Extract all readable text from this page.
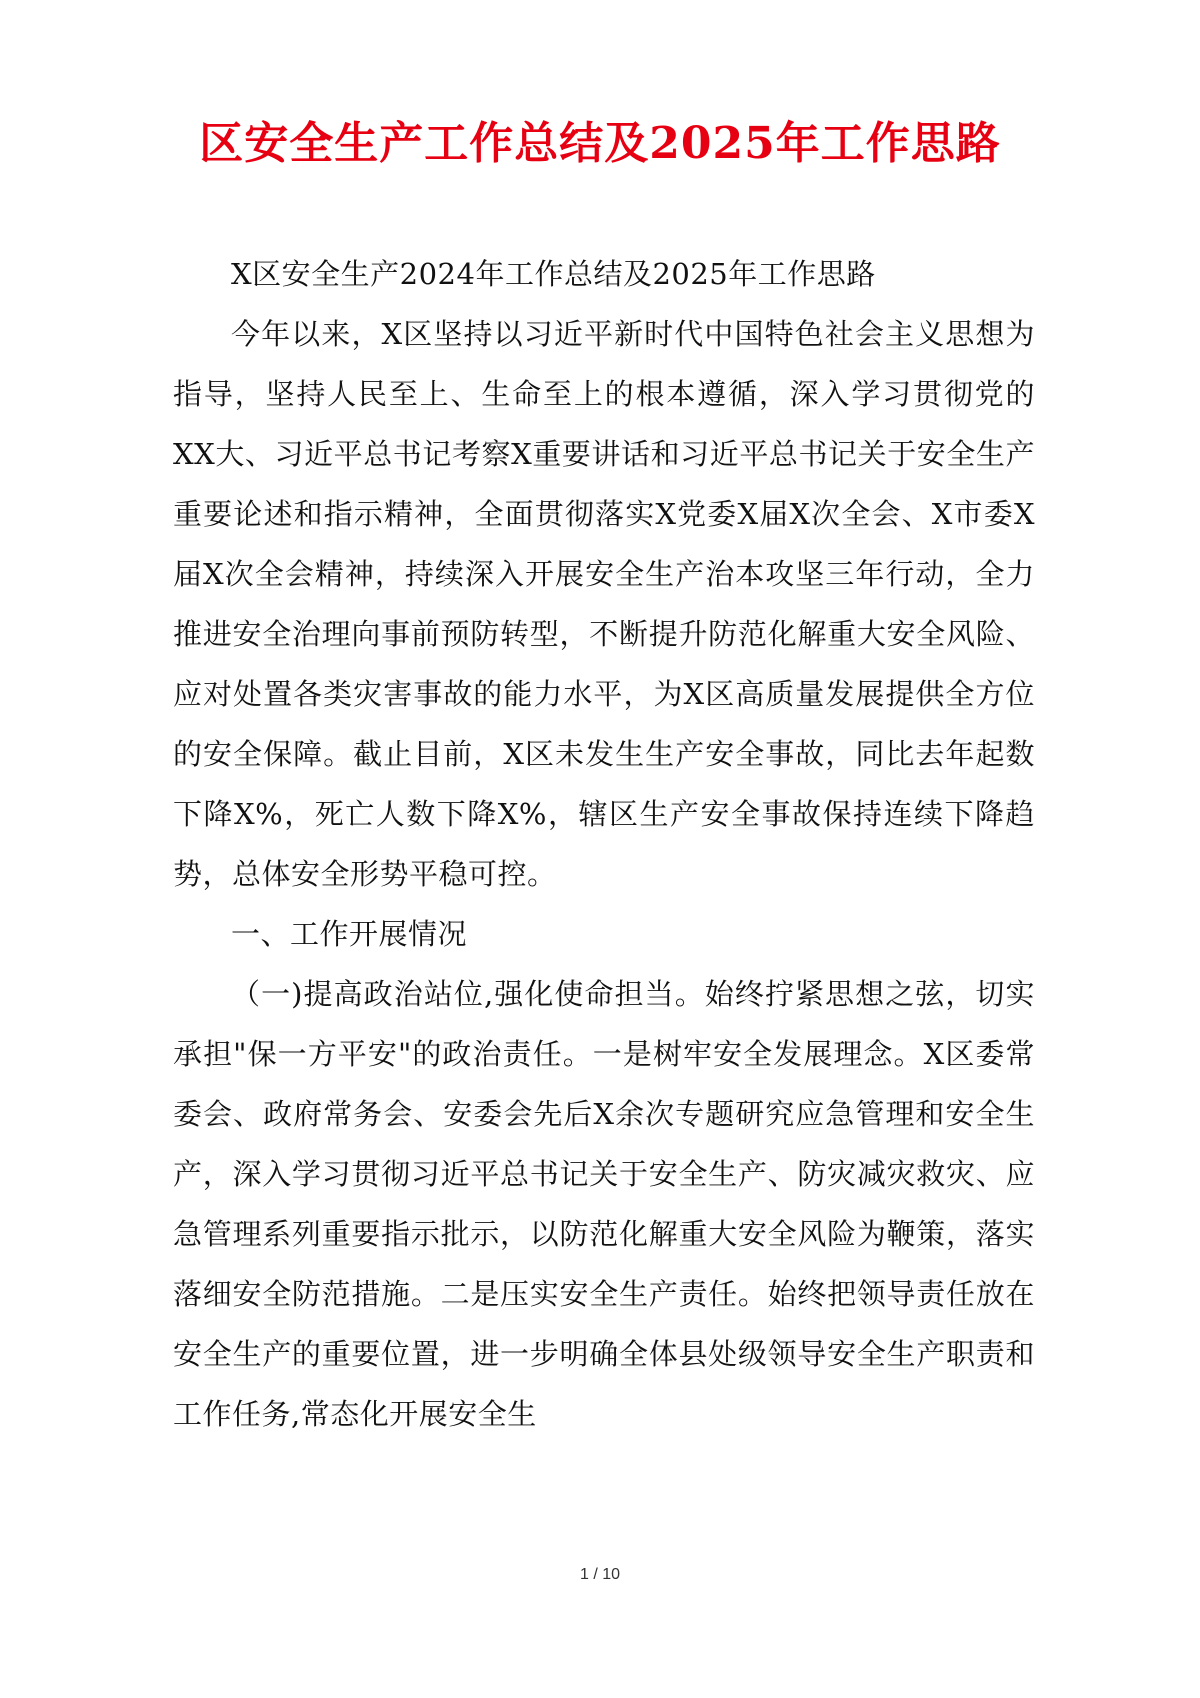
区安全生产工作总结及2025年工作思路

X区安全生产2024年工作总结及2025年工作思路

今年以来，X区坚持以习近平新时代中国特色社会主义思想为指导，坚持人民至上、生命至上的根本遵循，深入学习贯彻党的XX大、习近平总书记考察X重要讲话和习近平总书记关于安全生产重要论述和指示精神，全面贯彻落实X党委X届X次全会、X市委X届X次全会精神，持续深入开展安全生产治本攻坚三年行动，全力推进安全治理向事前预防转型，不断提升防范化解重大安全风险、应对处置各类灾害事故的能力水平，为X区高质量发展提供全方位的安全保障。截止目前，X区未发生生产安全事故，同比去年起数下降X%，死亡人数下降X%，辖区生产安全事故保持连续下降趋势，总体安全形势平稳可控。

一、工作开展情况

（一)提高政治站位,强化使命担当。始终拧紧思想之弦，切实承担"保一方平安"的政治责任。一是树牢安全发展理念。X区委常委会、政府常务会、安委会先后X余次专题研究应急管理和安全生产，深入学习贯彻习近平总书记关于安全生产、防灾减灾救灾、应急管理系列重要指示批示，以防范化解重大安全风险为鞭策，落实落细安全防范措施。二是压实安全生产责任。始终把领导责任放在安全生产的重要位置，进一步明确全体县处级领导安全生产职责和工作任务,常态化开展安全生

1 / 10
